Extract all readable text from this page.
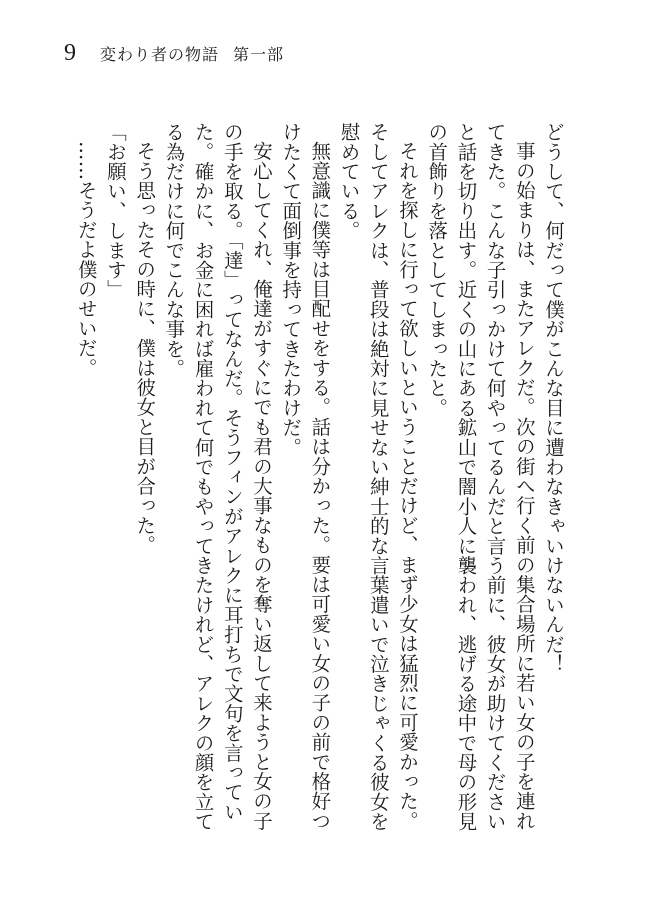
9 変わり者の物語 第一部

どうして、何だって僕がこんな目に遭わなきゃいけないんだ！

事の始まりは、またアレクだ。次の街へ行く前の集合場所に若い女の子を連れてきた。こんな子引っかけて何やってるんだと言う前に、彼女が助けてくださいと話を切り出す。近くの山にある鉱山で闇小人に襲われ、逃げる途中で母の形見の首飾りを落としてしまったと。

それを探しに行って欲しいということだけど、まず少女は猛烈に可愛かった。そしてアレクは、普段は絶対に見せない紳士的な言葉遣いで泣きじゃくる彼女を慰めている。

無意識に僕等は目配せをする。話は分かった。要は可愛い女の子の前で格好つけたくて面倒事を持ってきたわけだ。

安心してくれ、俺達がすぐにでも君の大事なものを奪い返して来ようと女の子の手を取る。「達」ってなんだ。そうフィンがアレクに耳打ちで文句を言っていた。確かに、お金に困れば雇われて何でもやってきたけれど、アレクの顔を立てる為だけに何でこんな事を。

そう思ったその時に、僕は彼女と目が合った。

「お願い、します」

……そうだよ僕のせいだ。
